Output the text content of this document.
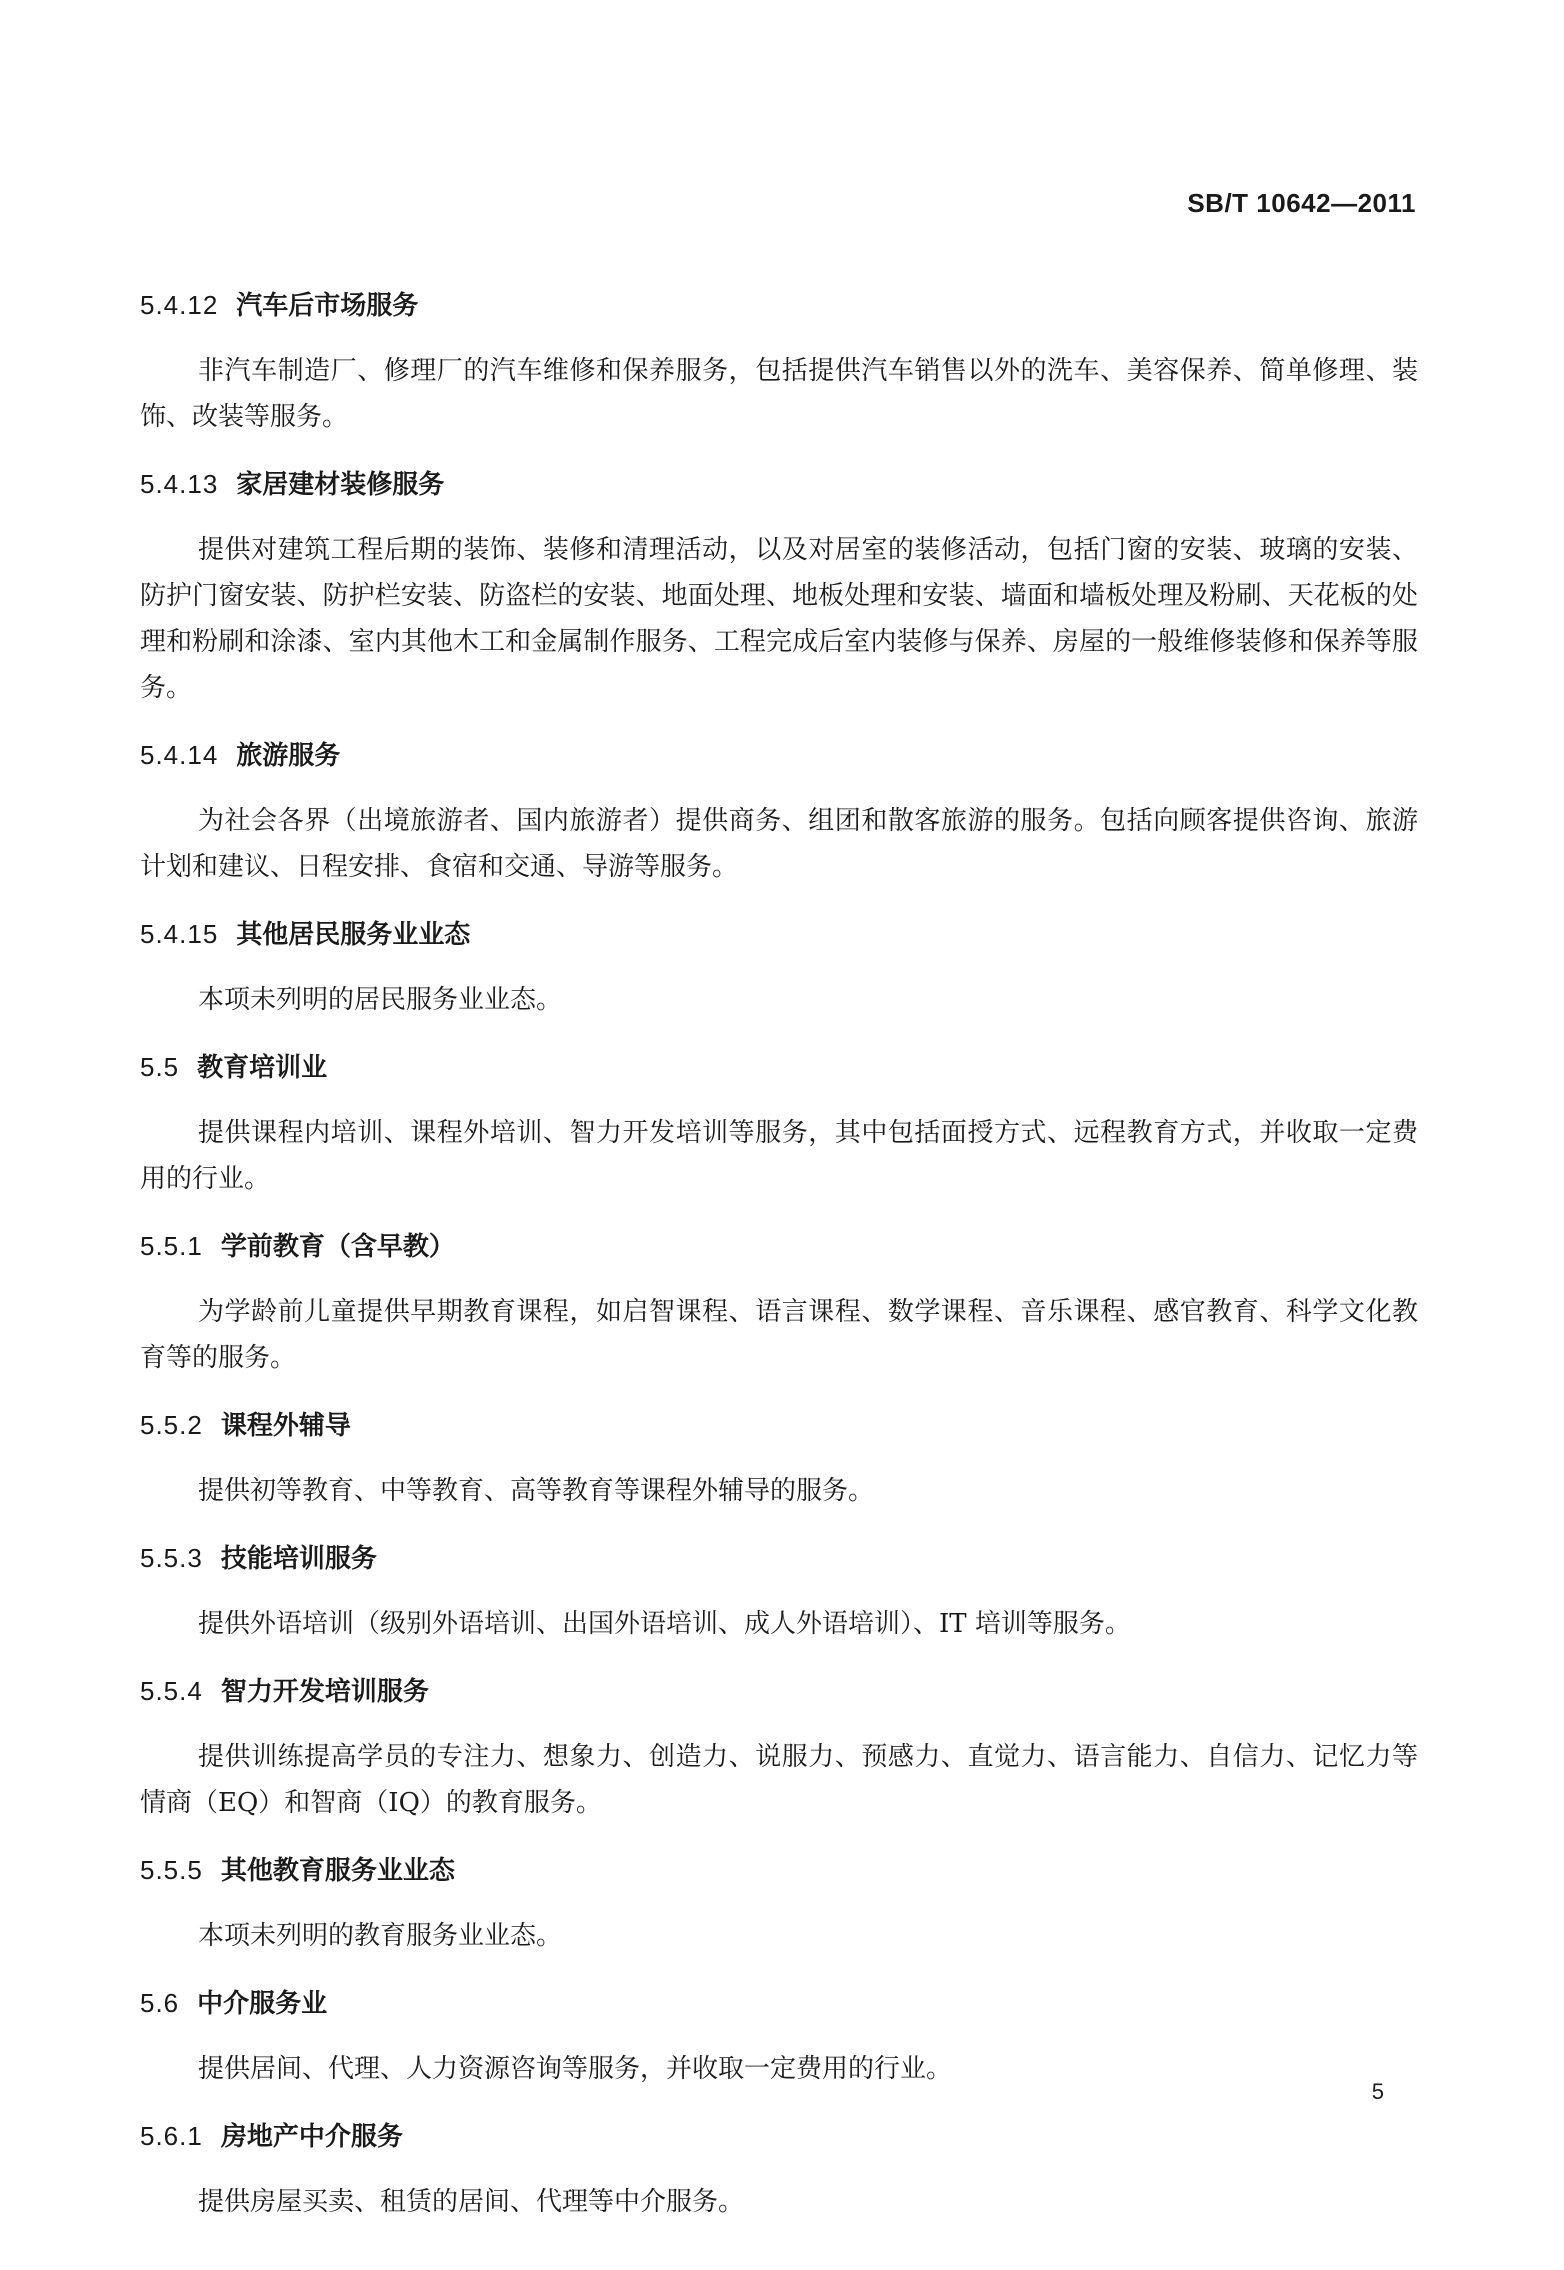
SB/T 10642—2011
5.4.12 汽车后市场服务

非汽车制造厂、修理厂的汽车维修和保养服务，包括提供汽车销售以外的洗车、美容保养、简单修理、装饰、改装等服务。

5.4.13 家居建材装修服务

提供对建筑工程后期的装饰、装修和清理活动，以及对居室的装修活动，包括门窗的安装、玻璃的安装、防护门窗安装、防护栏安装、防盗栏的安装、地面处理、地板处理和安装、墙面和墙板处理及粉刷、天花板的处理和粉刷和涂漆、室内其他木工和金属制作服务、工程完成后室内装修与保养、房屋的一般维修装修和保养等服务。

5.4.14 旅游服务

为社会各界（出境旅游者、国内旅游者）提供商务、组团和散客旅游的服务。包括向顾客提供咨询、旅游计划和建议、日程安排、食宿和交通、导游等服务。

5.4.15 其他居民服务业业态

本项未列明的居民服务业业态。

5.5 教育培训业

提供课程内培训、课程外培训、智力开发培训等服务，其中包括面授方式、远程教育方式，并收取一定费用的行业。

5.5.1 学前教育（含早教）

为学龄前儿童提供早期教育课程，如启智课程、语言课程、数学课程、音乐课程、感官教育、科学文化教育等的服务。

5.5.2 课程外辅导

提供初等教育、中等教育、高等教育等课程外辅导的服务。

5.5.3 技能培训服务

提供外语培训（级别外语培训、出国外语培训、成人外语培训）、IT 培训等服务。

5.5.4 智力开发培训服务

提供训练提高学员的专注力、想象力、创造力、说服力、预感力、直觉力、语言能力、自信力、记忆力等情商（EQ）和智商（IQ）的教育服务。

5.5.5 其他教育服务业业态

本项未列明的教育服务业业态。

5.6 中介服务业

提供居间、代理、人力资源咨询等服务，并收取一定费用的行业。

5.6.1 房地产中介服务

提供房屋买卖、租赁的居间、代理等中介服务。

5
